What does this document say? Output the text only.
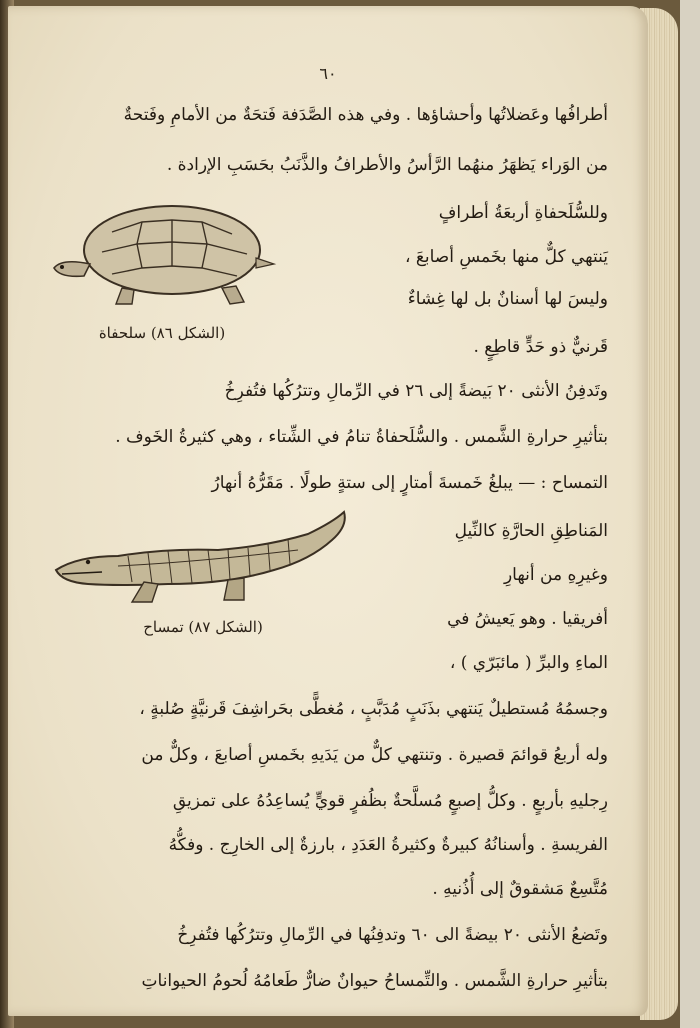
٦٠
أطرافُها وعَضلاتُها وأحشاؤها . وفي هذه الصَّدَفة فَتحَةٌ من الأمامِ وفَتحةٌ
من الوَراء يَظهَرُ منهُما الرَّأسُ والأطرافُ والذَّنَبُ بحَسَبِ الإرادة .
وللسُّلَحفاةِ أربعَةُ أطرافٍ
يَنتهي كلٌّ منها بخَمسِ أصابعَ ،
وليسَ لها أسنانٌ بل لها غِشاءٌ
قَرنيٌّ ذو حَدٍّ قاطِعٍ .
وتَدفِنُ الأنثى ٢٠ بَيضةً إلى ٢٦ في الرِّمالِ وتترُكُها فتُفرِخُ
بتأثيرِ حرارةِ الشَّمس . والسُّلَحفاةُ تنامُ في الشِّتاء ، وهي كثيرةُ الخَوف .
التمساح : — يبلغُ خَمسةَ أمتارٍ إلى ستةٍ طولًا . مَقَرُّهُ أنهارُ
المَناطِقِ الحارَّةِ كالنِّيلِ
وغيرِهِ من أنهارِ
أفريقيا . وهو يَعيشُ في
الماءِ والبرِّ ( مائبَرّي ) ،
وجسمُهُ مُستطيلٌ يَنتهي بذَنَبٍ مُدَبَّبٍ ، مُغطًّى بحَراشِفَ قَرنيَّةٍ صُلبةٍ ،
وله أربعُ قوائمَ قصيرة . وتنتهي كلٌّ من يَدَيهِ بخَمسِ أصابعَ ، وكلٌّ من
رِجليهِ بأربعٍ . وكلُّ إصبعٍ مُسلَّحةٌ بظُفرٍ قويٍّ يُساعِدُهُ على تمزيقِ
الفريسةِ . وأسنانُهُ كبيرةٌ وكثيرةُ العَدَدِ ، بارزةٌ إلى الخارِج . وفكُّهُ
مُتَّسِعٌ مَشقوقٌ إلى أُذُنيهِ .
وتَضعُ الأنثى ٢٠ بيضةً الى ٦٠ وتدفِنُها في الرِّمالِ وتترُكُها فتُفرِخُ
بتأثيرِ حرارةِ الشَّمس . والتِّمساحُ حيوانٌ ضارٌّ طَعامُهُ لُحومُ الحيواناتِ
(الشكل ٨٦) سلحفاة
(الشكل ٨٧) تمساح
